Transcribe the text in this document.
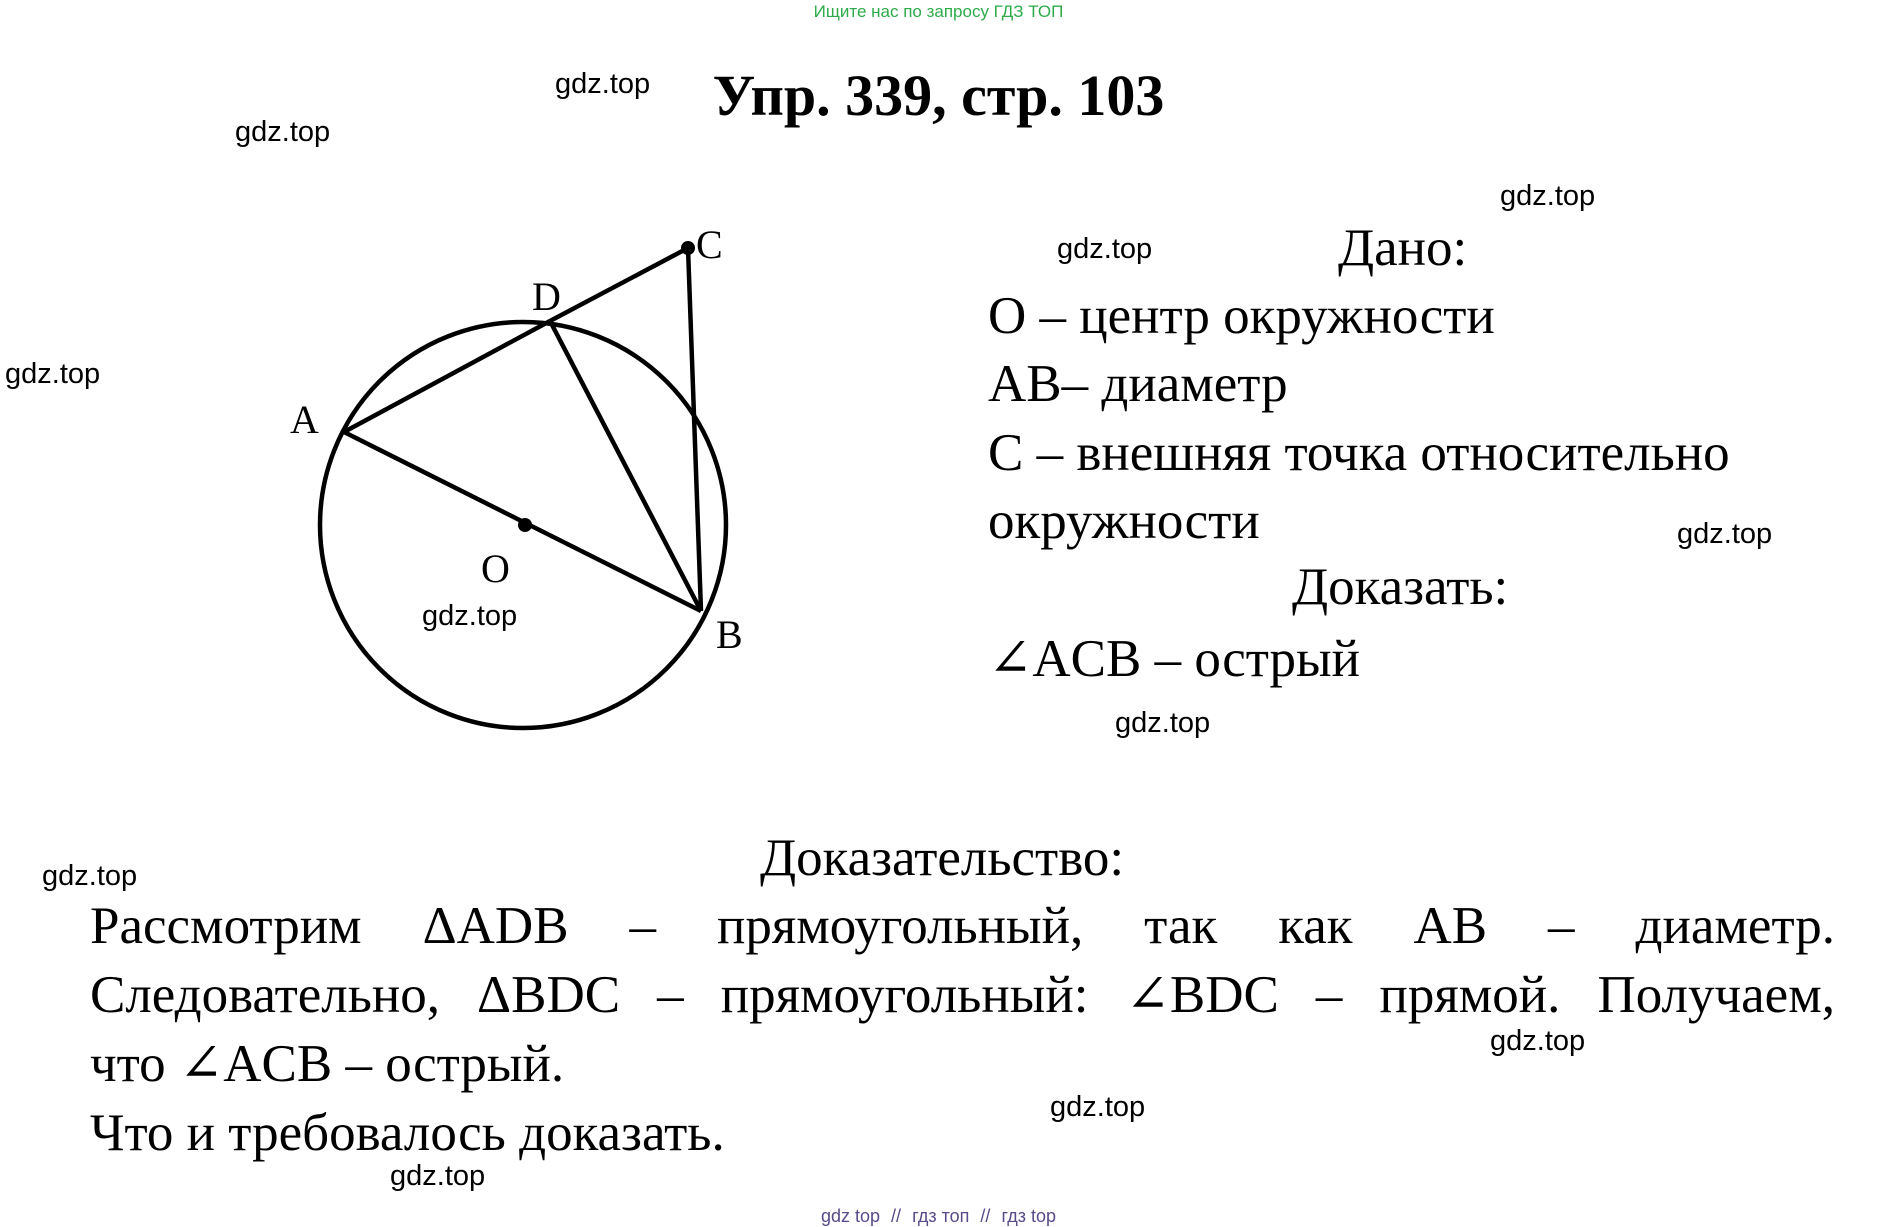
Ищите нас по запросу ГДЗ ТОП
Упр. 339, стр. 103
gdz.top
gdz.top
gdz.top
gdz.top
gdz.top
gdz.top
gdz.top
gdz.top
gdz.top
gdz.top
gdz.top
gdz.top
A
D
C
O
B
Дано:
О – центр окружности
АВ– диаметр
С – внешняя точка относительно
окружности
Доказать:
∠ACB – острый
Доказательство:
Рассмотрим ΔADB – прямоугольный, так как АВ – диаметр.
Следовательно, ΔBDC – прямоугольный: ∠BDC – прямой. Получаем,
что ∠ACB – острый.
Что и требовалось доказать.
gdz top // гдз топ // гдз top
